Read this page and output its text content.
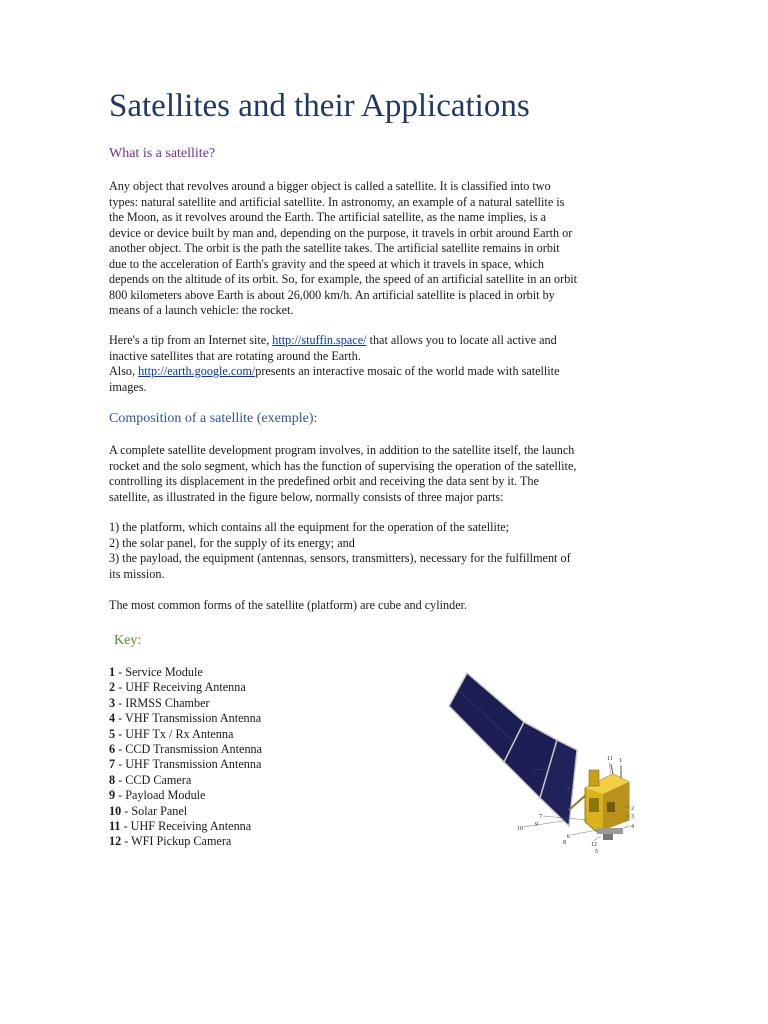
Satellites and their Applications

What is a satellite?

Any object that revolves around a bigger object is called a satellite. It is classified into two
types: natural satellite and artificial satellite. In astronomy, an example of a natural satellite is
the Moon, as it revolves around the Earth. The artificial satellite, as the name implies, is a
device or device built by man and, depending on the purpose, it travels in orbit around Earth or
another object. The orbit is the path the satellite takes. The artificial satellite remains in orbit
due to the acceleration of Earth's gravity and the speed at which it travels in space, which
depends on the altitude of its orbit. So, for example, the speed of an artificial satellite in an orbit
800 kilometers above Earth is about 26,000 km/h. An artificial satellite is placed in orbit by
means of a launch vehicle: the rocket.

Here's a tip from an Internet site, http://stuffin.space/ that allows you to locate all active and
inactive satellites that are rotating around the Earth.
Also, http://earth.google.com/presents an interactive mosaic of the world made with satellite
images.

Composition of a satellite (exemple):

A complete satellite development program involves, in addition to the satellite itself, the launch
rocket and the solo segment, which has the function of supervising the operation of the satellite,
controlling its displacement in the predefined orbit and receiving the data sent by it. The
satellite, as illustrated in the figure below, normally consists of three major parts:

1) the platform, which contains all the equipment for the operation of the satellite;
2) the solar panel, for the supply of its energy; and
3) the payload, the equipment (antennas, sensors, transmitters), necessary for the fulfillment of
its mission.

The most common forms of the satellite (platform) are cube and cylinder.

Key:

1 - Service Module
2 - UHF Receiving Antenna
3 - IRMSS Chamber
4 - VHF Transmission Antenna
5 - UHF Tx / Rx Antenna
6 - CCD Transmission Antenna
7 - UHF Transmission Antenna
8 - CCD Camera
9 - Payload Module
10 - Solar Panel
11 - UHF Receiving Antenna
12 - WFI Pickup Camera
11 1
2
3
4
12
5
6
8
7
10
